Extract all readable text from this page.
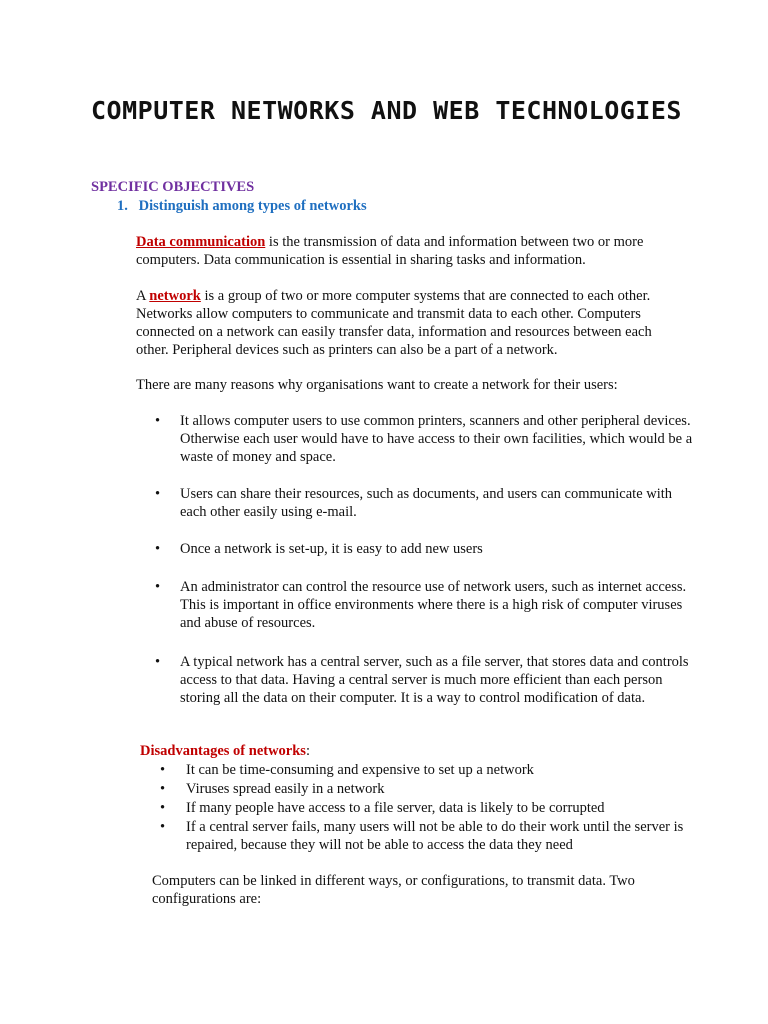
COMPUTER NETWORKS AND WEB TECHNOLOGIES
SPECIFIC OBJECTIVES
1. Distinguish among types of networks
Data communication is the transmission of data and information between two or more computers. Data communication is essential in sharing tasks and information.
A network is a group of two or more computer systems that are connected to each other. Networks allow computers to communicate and transmit data to each other. Computers connected on a network can easily transfer data, information and resources between each other. Peripheral devices such as printers can also be a part of a network.
There are many reasons why organisations want to create a network for their users:
•	It allows computer users to use common printers, scanners and other peripheral devices. Otherwise each user would have to have access to their own facilities, which would be a waste of money and space.
•	Users can share their resources, such as documents, and users can communicate with each other easily using e-mail.
•	Once a network is set-up, it is easy to add new users
•	An administrator can control the resource use of network users, such as internet access. This is important in office environments where there is a high risk of computer viruses and abuse of resources.
•	A typical network has a central server, such as a file server, that stores data and controls access to that data. Having a central server is much more efficient than each person storing all the data on their computer. It is a way to control modification of data.
Disadvantages of networks:
•	It can be time-consuming and expensive to set up a network
•	Viruses spread easily in a network
•	If many people have access to a file server, data is likely to be corrupted
•	If a central server fails, many users will not be able to do their work until the server is repaired, because they will not be able to access the data they need
Computers can be linked in different ways, or configurations, to transmit data. Two configurations are:
